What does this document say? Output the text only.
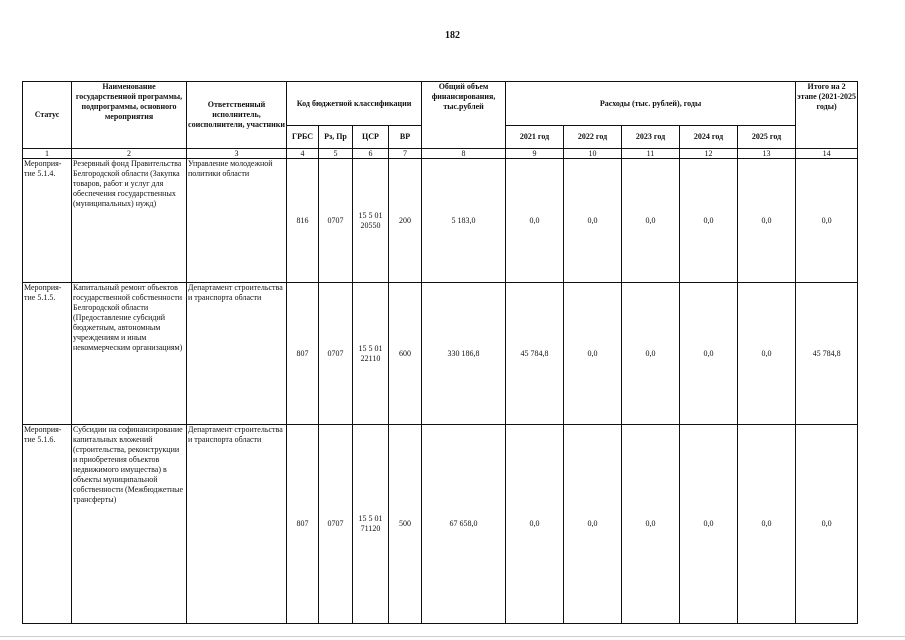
182
Статус	Наименование государственной программы, подпрограммы, основного мероприятия	Ответственный исполнитель, соисполнители, участники	Код бюджетной классификации				Общий объем финансирования, тыс.рублей	Расходы (тыс. рублей), годы					Итого на 2 этапе (2021-2025 годы)
			ГРБС	Рз, Пр	ЦСР	ВР		2021 год	2022 год	2023 год	2024 год	2025 год	
1	2	3	4	5	6	7	8	9	10	11	12	13	14
Мероприя-тие 5.1.4.	Резервный фонд Правительства Белгородской области (Закупка товаров, работ и услуг для обеспечения государственных (муниципальных) нужд)	Управление молодежной политики области	816	0707	15 5 01 20550	200	5 183,0	0,0	0,0	0,0	0,0	0,0	0,0
Мероприя-тие 5.1.5.	Капитальный ремонт объектов государственной собственности Белгородской области (Предоставление субсидий бюджетным, автономным учреждениям и иным некоммерческим организациям)	Департамент строительства и транспорта области	807	0707	15 5 01 22110	600	330 186,8	45 784,8	0,0	0,0	0,0	0,0	45 784,8
Мероприя-тие 5.1.6.	Субсидии на софинансирование капитальных вложений (строительства, реконструкции и приобретения объектов недвижимого имущества) в объекты муниципальной собственности (Межбюджетные трансферты)	Департамент строительства и транспорта области	807	0707	15 5 01 71120	500	67 658,0	0,0	0,0	0,0	0,0	0,0	0,0
